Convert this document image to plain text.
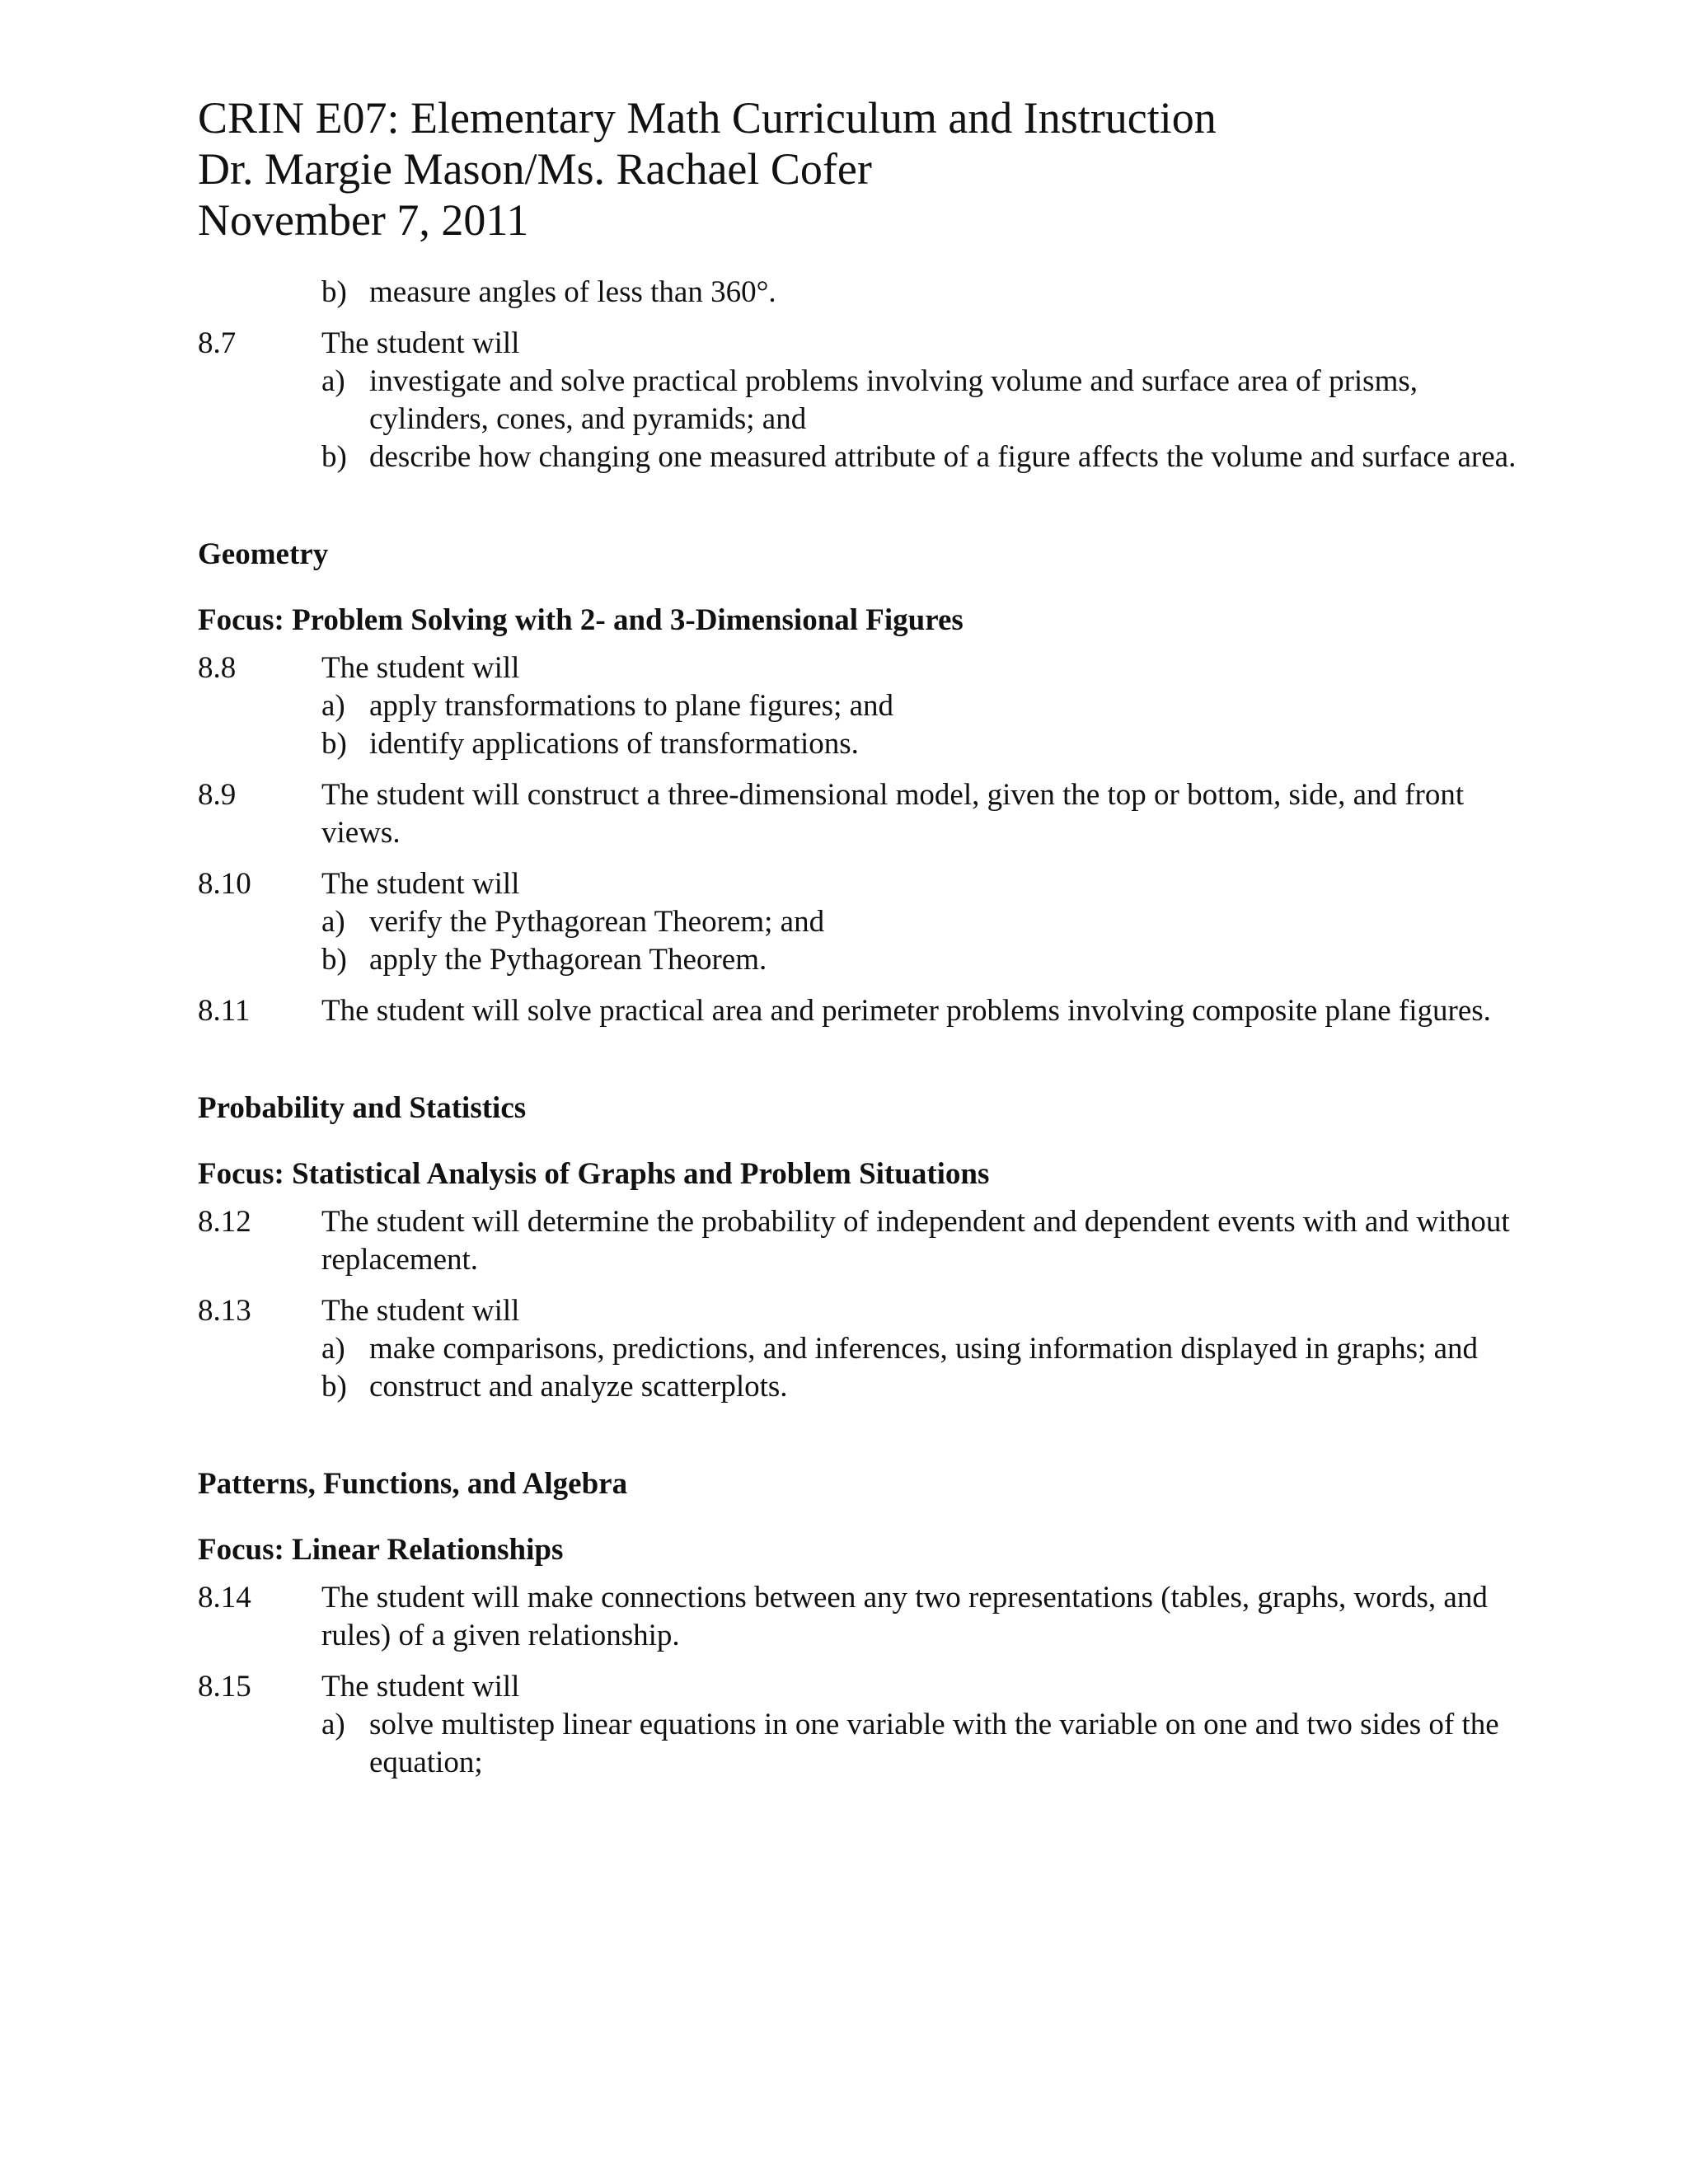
CRIN E07: Elementary Math Curriculum and Instruction
Dr. Margie Mason/Ms. Rachael Cofer
November 7, 2011
b) measure angles of less than 360°.
8.7	The student will
a) investigate and solve practical problems involving volume and surface area of prisms, cylinders, cones, and pyramids; and
b) describe how changing one measured attribute of a figure affects the volume and surface area.
Geometry
Focus: Problem Solving with 2- and 3-Dimensional Figures
8.8	The student will
a) apply transformations to plane figures; and
b) identify applications of transformations.
8.9	The student will construct a three-dimensional model, given the top or bottom, side, and front views.
8.10	The student will
a) verify the Pythagorean Theorem; and
b) apply the Pythagorean Theorem.
8.11	The student will solve practical area and perimeter problems involving composite plane figures.
Probability and Statistics
Focus: Statistical Analysis of Graphs and Problem Situations
8.12	The student will determine the probability of independent and dependent events with and without replacement.
8.13	The student will
a) make comparisons, predictions, and inferences, using information displayed in graphs; and
b) construct and analyze scatterplots.
Patterns, Functions, and Algebra
Focus: Linear Relationships
8.14	The student will make connections between any two representations (tables, graphs, words, and rules) of a given relationship.
8.15	The student will
a) solve multistep linear equations in one variable with the variable on one and two sides of the equation;
